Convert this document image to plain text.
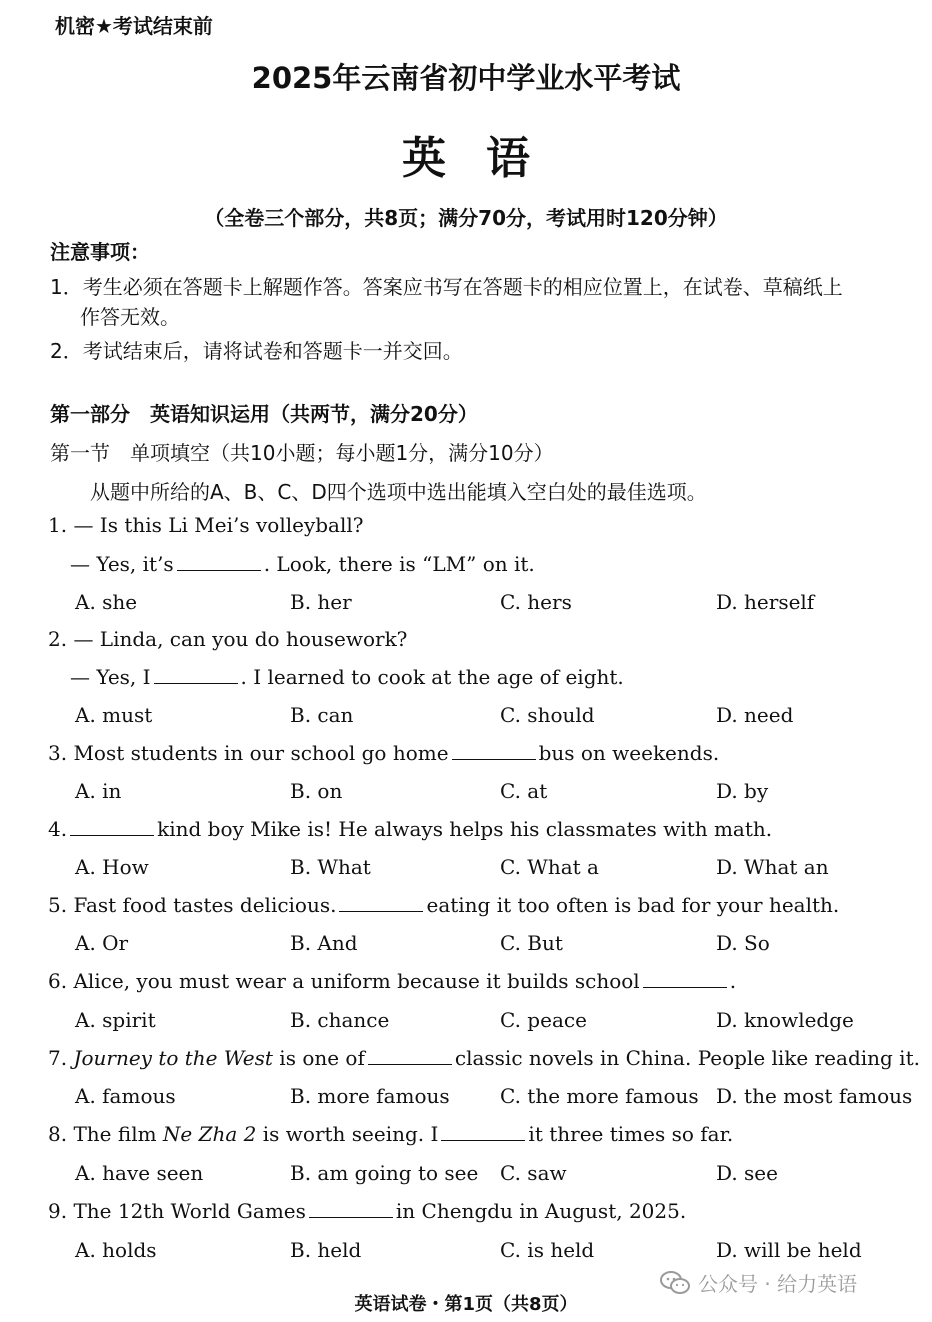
机密★考试结束前
2025年云南省初中学业水平考试
英语
（全卷三个部分，共8页；满分70分，考试用时120分钟）
注意事项：
1．考生必须在答题卡上解题作答。答案应书写在答题卡的相应位置上，在试卷、草稿纸上
作答无效。
2．考试结束后，请将试卷和答题卡一并交回。
第一部分　英语知识运用（共两节，满分20分）
第一节　单项填空（共10小题；每小题1分，满分10分）
从题中所给的A、B、C、D四个选项中选出能填入空白处的最佳选项。
1. — Is this Li Mei’s volleyball?
— Yes, it’s	. Look, there is “LM” on it.
A. she	B. her	C. hers	D. herself
2. — Linda, can you do housework?
— Yes, I	. I learned to cook at the age of eight.
A. must	B. can	C. should	D. need
3. Most students in our school go home	bus on weekends.
A. in	B. on	C. at	D. by
4.	kind boy Mike is! He always helps his classmates with math.
A. How	B. What	C. What a	D. What an
5. Fast food tastes delicious.	eating it too often is bad for your health.
A. Or	B. And	C. But	D. So
6. Alice, you must wear a uniform because it builds school	.
A. spirit	B. chance	C. peace	D. knowledge
7. Journey to the West is one of	classic novels in China. People like reading it.
A. famous	B. more famous	C. the more famous D. the most famous
8. The film Ne Zha 2 is worth seeing. I	it three times so far.
A. have seen	B. am going to see C. saw	D. see
9. The 12th World Games	in Chengdu in August, 2025.
A. holds	B. held	C. is held	D. will be held
公众号 · 给力英语
英语试卷・第1页（共8页）
